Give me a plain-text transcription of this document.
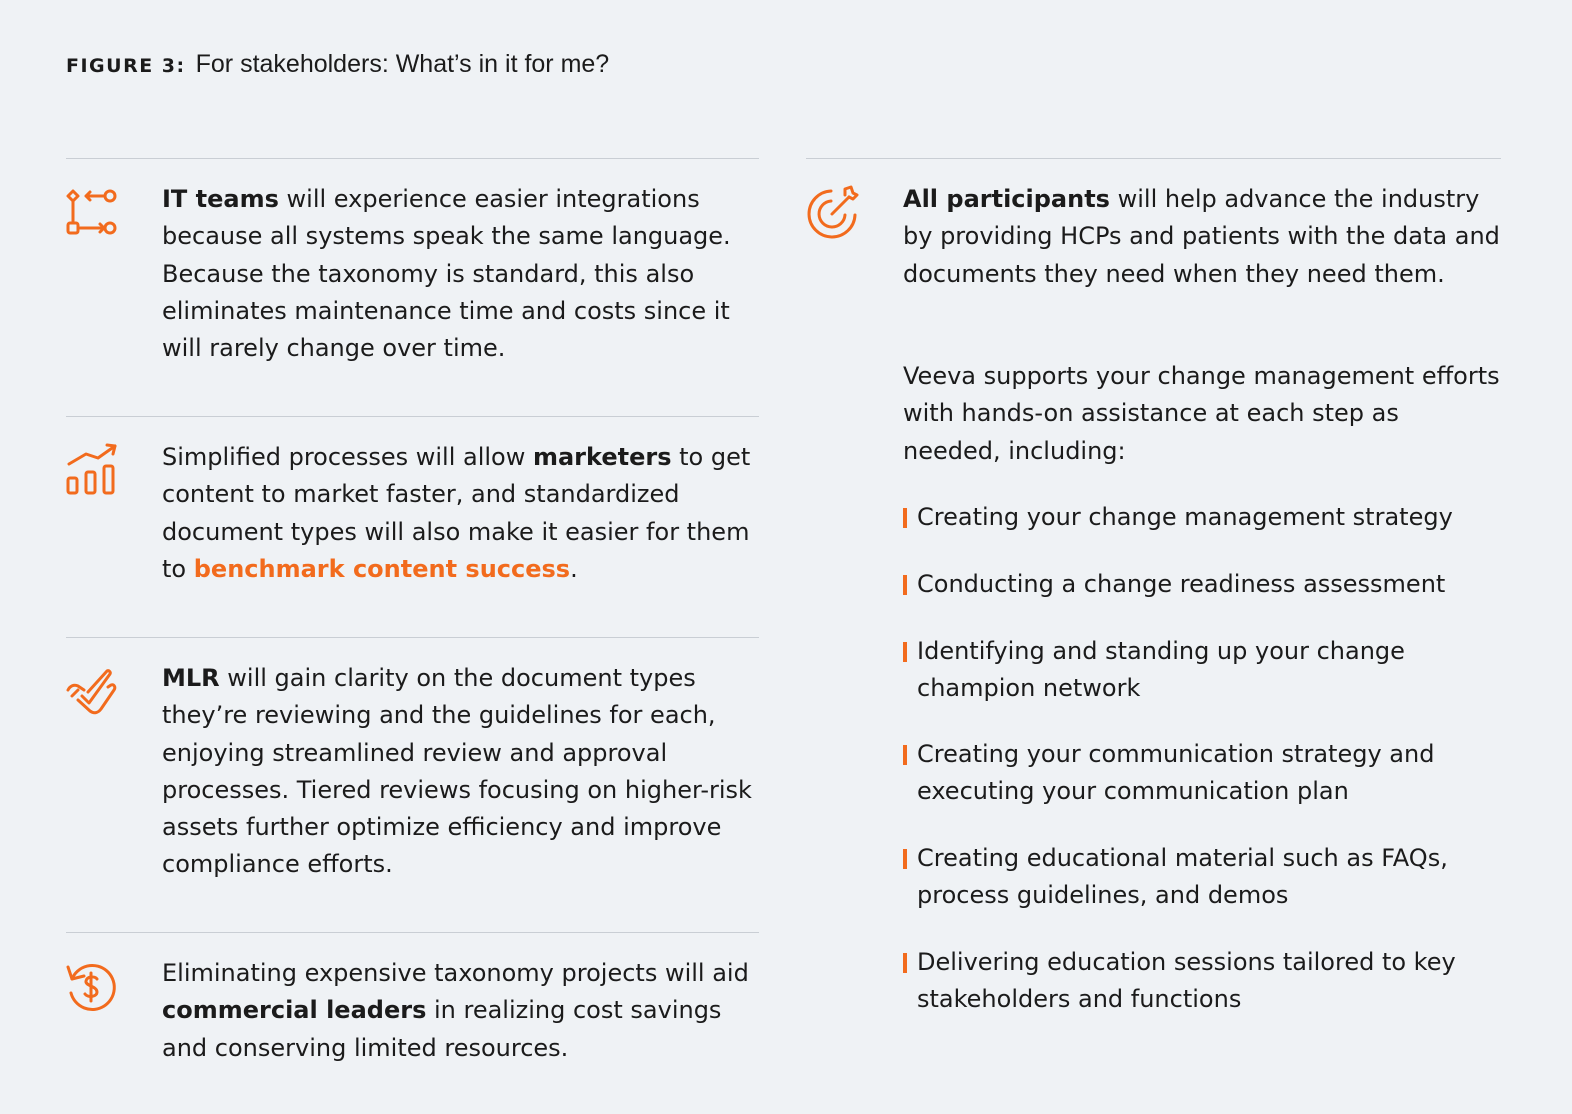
FIGURE 3: For stakeholders: What’s in it for me?

IT teams will experience easier integrations because all systems speak the same language. Because the taxonomy is standard, this also eliminates maintenance time and costs since it will rarely change over time.

Simplified processes will allow marketers to get content to market faster, and standardized document types will also make it easier for them to benchmark content success.

MLR will gain clarity on the document types they’re reviewing and the guidelines for each, enjoying streamlined review and approval processes. Tiered reviews focusing on higher-risk assets further optimize efficiency and improve compliance efforts.

Eliminating expensive taxonomy projects will aid commercial leaders in realizing cost savings and conserving limited resources.

All participants will help advance the industry by providing HCPs and patients with the data and documents they need when they need them.

Veeva supports your change management efforts with hands-on assistance at each step as needed, including:

Creating your change management strategy
Conducting a change readiness assessment
Identifying and standing up your change champion network
Creating your communication strategy and executing your communication plan
Creating educational material such as FAQs, process guidelines, and demos
Delivering education sessions tailored to key stakeholders and functions
